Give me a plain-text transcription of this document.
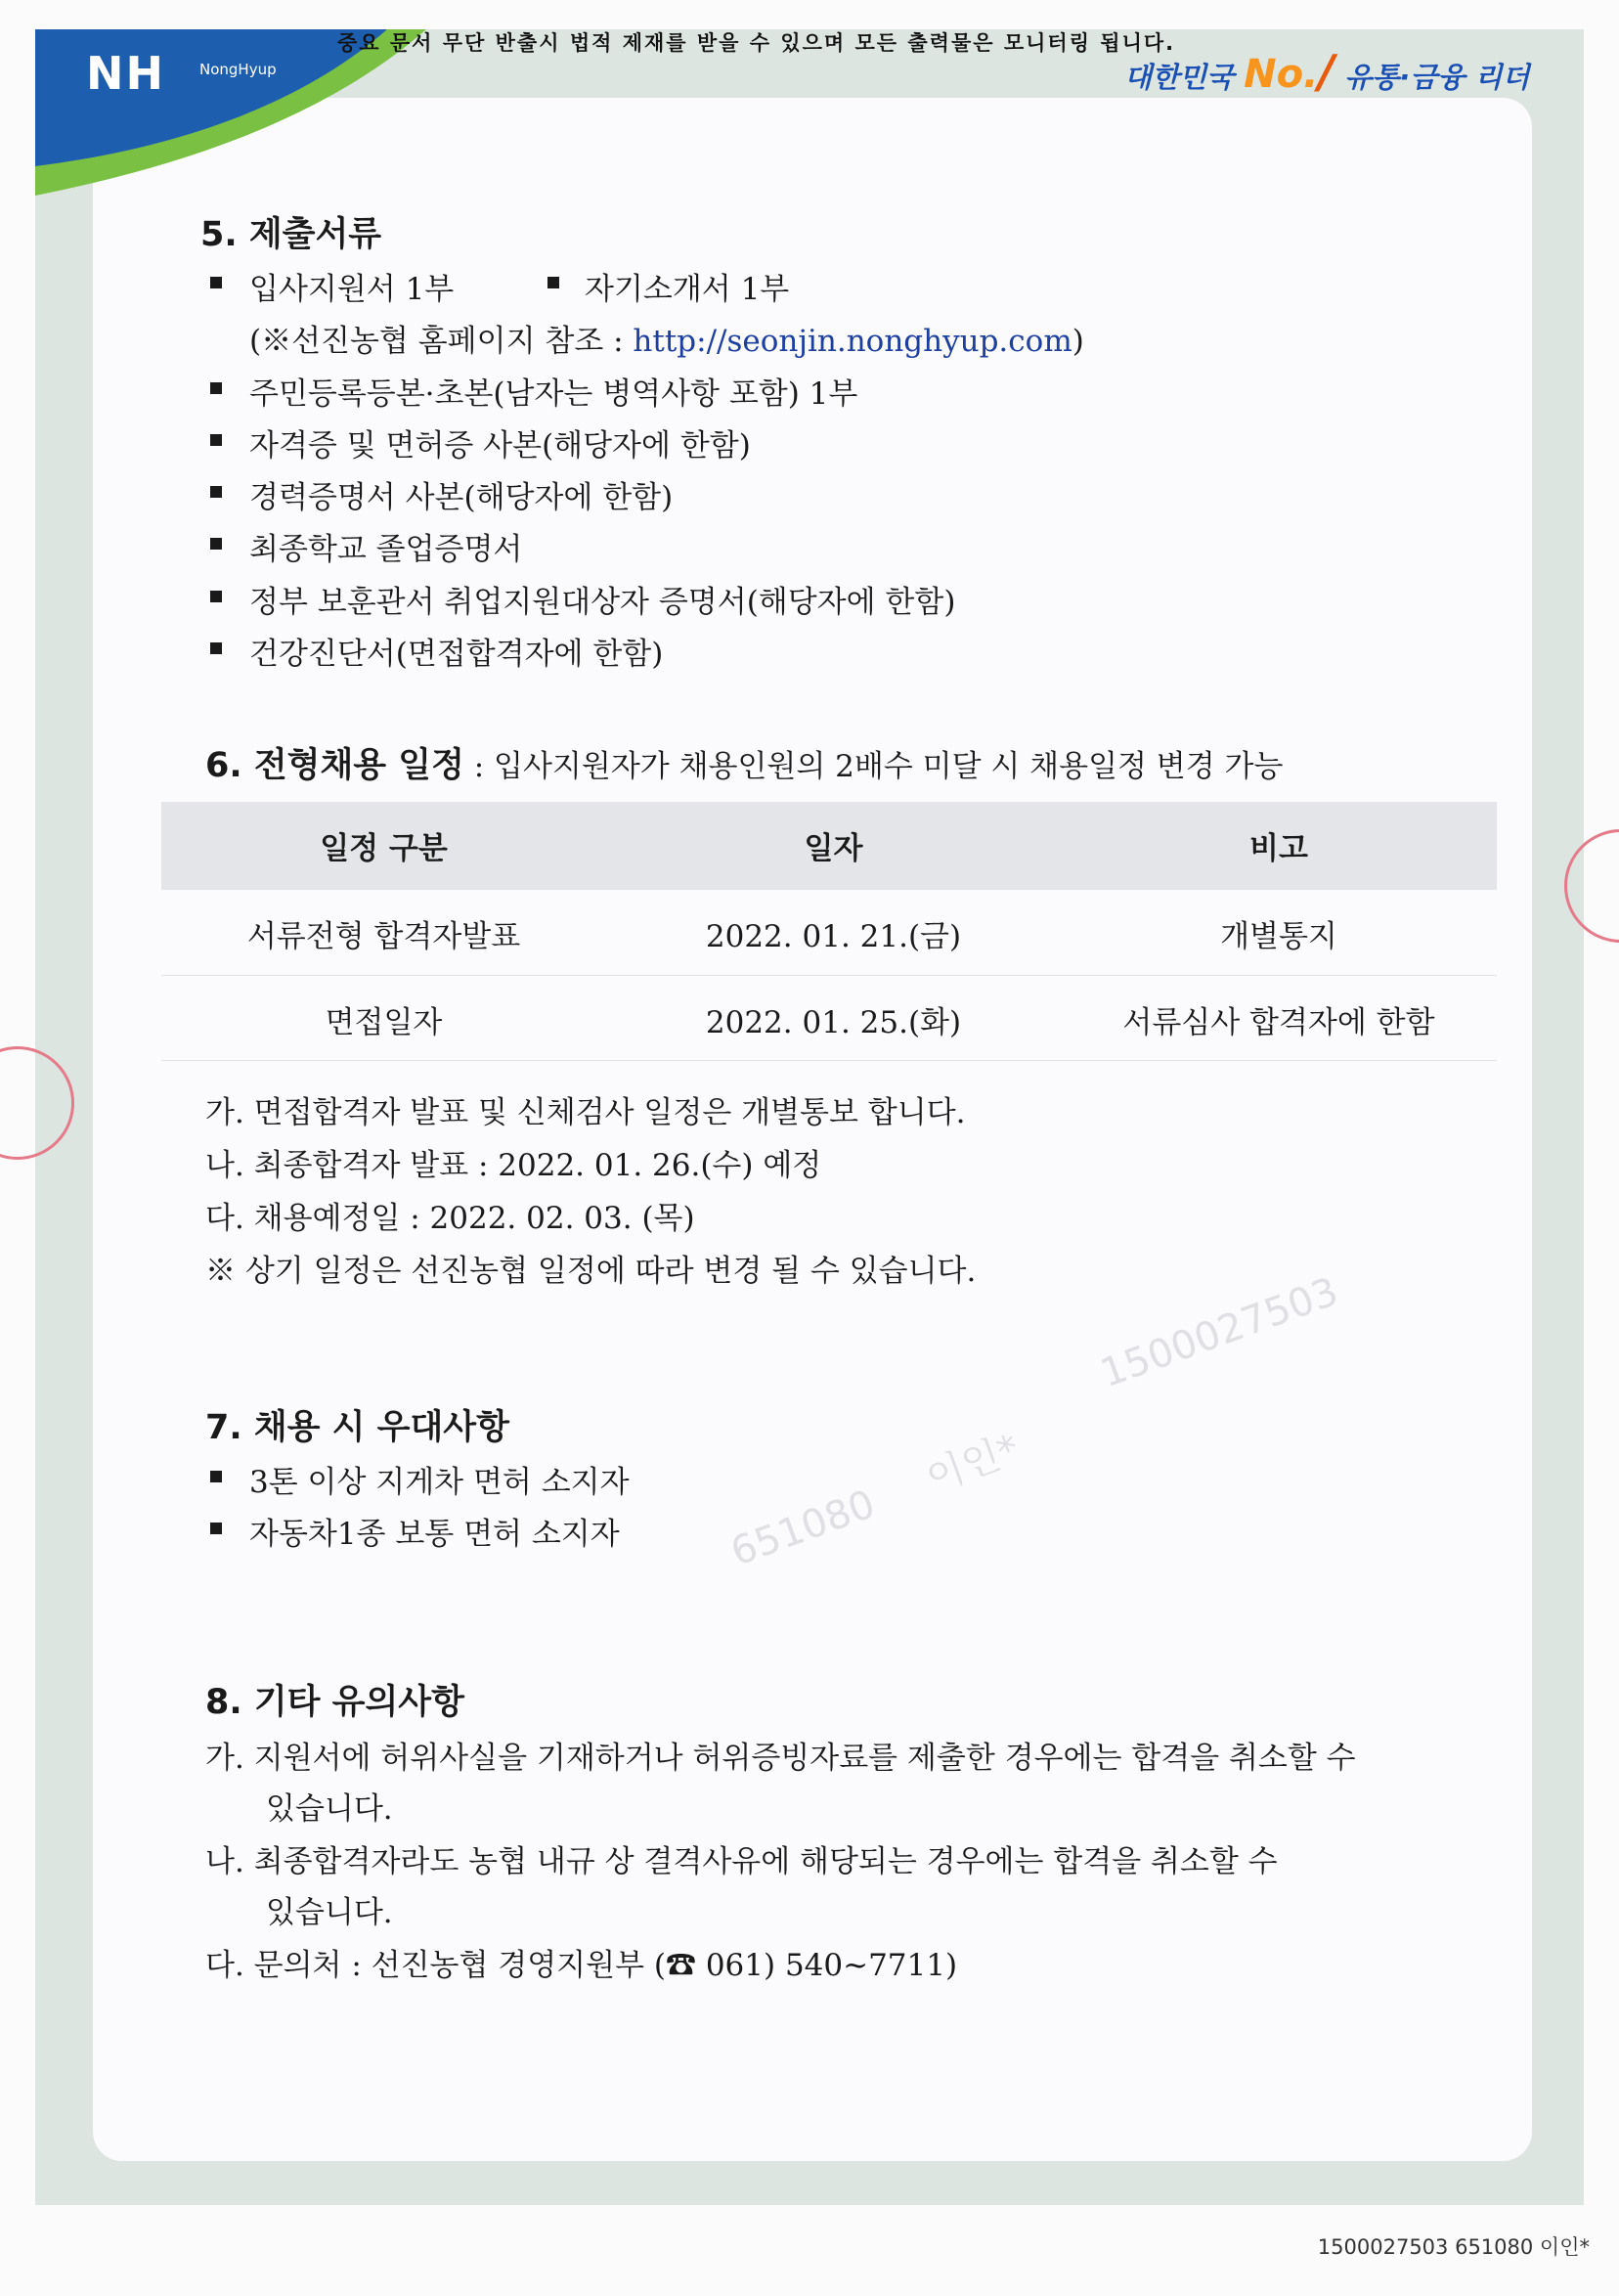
NH NongHyup
중요 문서 무단 반출시 법적 제재를 받을 수 있으며 모든 출력물은 모니터링 됩니다.
대한민국 No./ 유통·금융 리더
1500027503
이인*
651080
5. 제출서류
입사지원서 1부	자기소개서 1부
(※선진농협 홈페이지 참조 : http://seonjin.nonghyup.com)
주민등록등본·초본(남자는 병역사항 포함) 1부
자격증 및 면허증 사본(해당자에 한함)
경력증명서 사본(해당자에 한함)
최종학교 졸업증명서
정부 보훈관서 취업지원대상자 증명서(해당자에 한함)
건강진단서(면접합격자에 한함)
6. 전형채용 일정 : 입사지원자가 채용인원의 2배수 미달 시 채용일정 변경 가능
일정 구분	일자	비고
서류전형 합격자발표	2022. 01. 21.(금)	개별통지
면접일자	2022. 01. 25.(화)	서류심사 합격자에 한함
가. 면접합격자 발표 및 신체검사 일정은 개별통보 합니다.
나. 최종합격자 발표 : 2022. 01. 26.(수) 예정
다. 채용예정일 : 2022. 02. 03. (목)
※ 상기 일정은 선진농협 일정에 따라 변경 될 수 있습니다.
7. 채용 시 우대사항
3톤 이상 지게차 면허 소지자
자동차1종 보통 면허 소지자
8. 기타 유의사항
가. 지원서에 허위사실을 기재하거나 허위증빙자료를 제출한 경우에는 합격을 취소할 수
있습니다.
나. 최종합격자라도 농협 내규 상 결격사유에 해당되는 경우에는 합격을 취소할 수
있습니다.
다. 문의처 : 선진농협 경영지원부 (☎ 061) 540~7711)
1500027503 651080 이인*
